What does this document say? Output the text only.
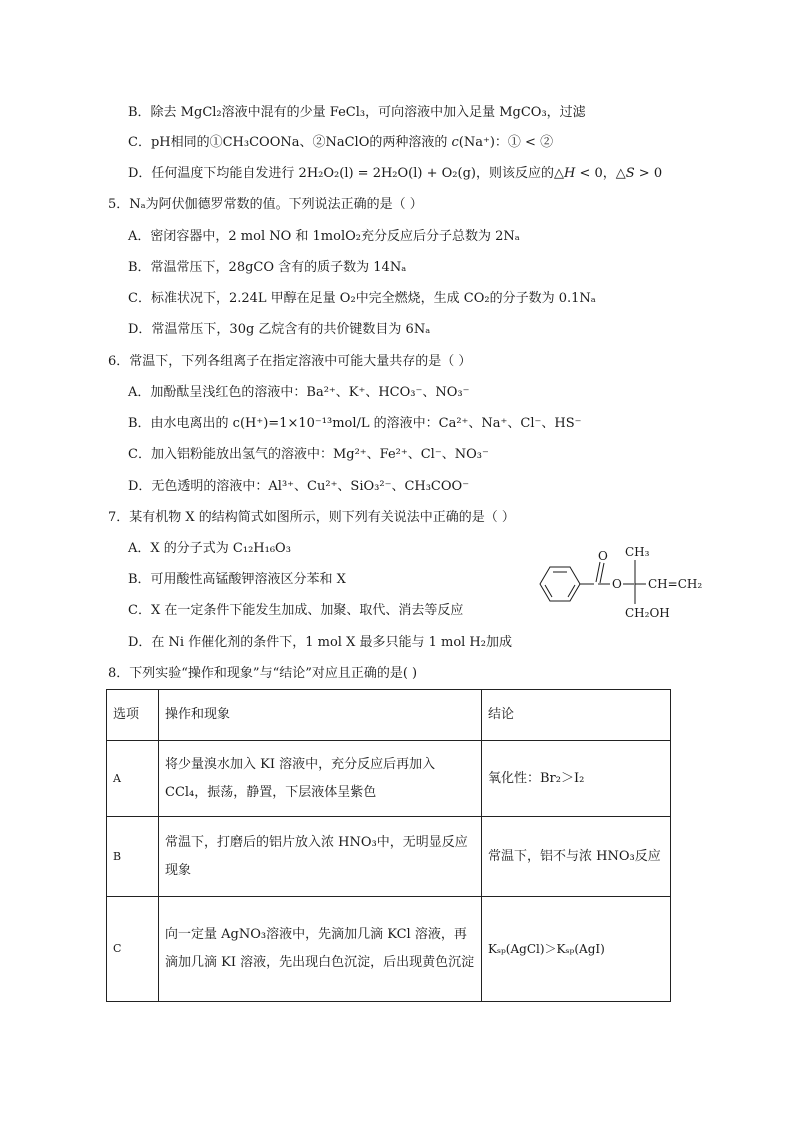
B．除去 MgCl₂溶液中混有的少量 FeCl₃，可向溶液中加入足量 MgCO₃，过滤
C．pH相同的①CH₃COONa、②NaClO的两种溶液的 c(Na⁺)：① < ②
D．任何温度下均能自发进行 2H₂O₂(l) = 2H₂O(l) + O₂(g)，则该反应的△H < 0，△S > 0
5．Nₐ为阿伏伽德罗常数的值。下列说法正确的是（ ）
A．密闭容器中，2 mol NO 和 1molO₂充分反应后分子总数为 2Nₐ
B．常温常压下，28gCO 含有的质子数为 14Nₐ
C．标准状况下，2.24L 甲醇在足量 O₂中完全燃烧，生成 CO₂的分子数为 0.1Nₐ
D．常温常压下，30g 乙烷含有的共价键数目为 6Nₐ
6．常温下，下列各组离子在指定溶液中可能大量共存的是（ ）
A．加酚酞呈浅红色的溶液中：Ba²⁺、K⁺、HCO₃⁻、NO₃⁻
B．由水电离出的 c(H⁺)=1×10⁻¹³mol/L 的溶液中：Ca²⁺、Na⁺、Cl⁻、HS⁻
C．加入铝粉能放出氢气的溶液中：Mg²⁺、Fe²⁺、Cl⁻、NO₃⁻
D．无色透明的溶液中：Al³⁺、Cu²⁺、SiO₃²⁻、CH₃COO⁻
7．某有机物 X 的结构简式如图所示，则下列有关说法中正确的是（ ）
A．X 的分子式为 C₁₂H₁₆O₃
B．可用酸性高锰酸钾溶液区分苯和 X
C．X 在一定条件下能发生加成、加聚、取代、消去等反应
D．在 Ni 作催化剂的条件下，1 mol X 最多只能与 1 mol H₂加成
O
O
CH₃
CH=CH₂
CH₂OH
8．下列实验“操作和现象”与“结论”对应且正确的是( )
选项	操作和现象	结论
A	将少量溴水加入 KI 溶液中，充分反应后再加入 CCl₄，振荡，静置，下层液体呈紫色	氧化性：Br₂＞I₂
B	常温下，打磨后的铝片放入浓 HNO₃中，无明显反应现象	常温下，铝不与浓 HNO₃反应
C	向一定量 AgNO₃溶液中，先滴加几滴 KCl 溶液，再滴加几滴 KI 溶液，先出现白色沉淀，后出现黄色沉淀	Kₛₚ(AgCl)＞Kₛₚ(AgI)
